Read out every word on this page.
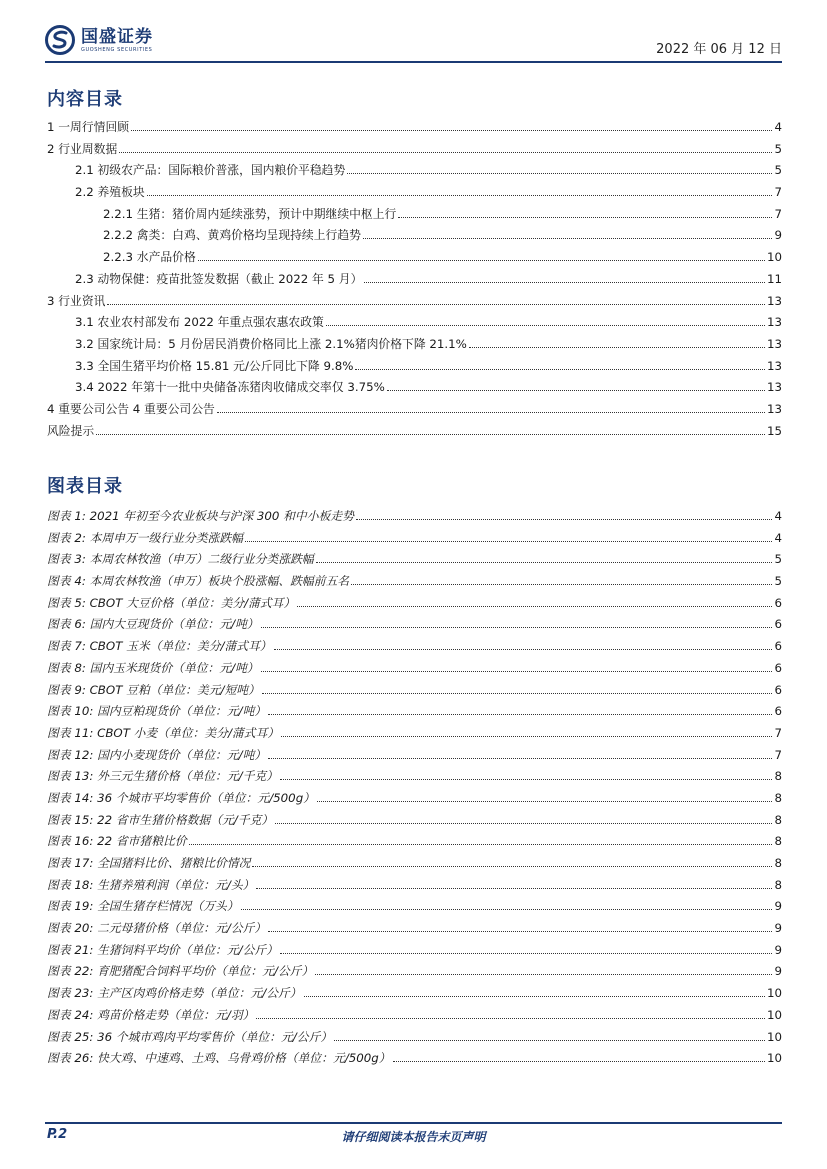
国盛证券
GUOSHENG SECURITIES	2022 年 06 月 12 日
内容目录
1 一周行情回顾	4
2 行业周数据	5
2.1 初级农产品：国际粮价普涨，国内粮价平稳趋势	5
2.2 养殖板块	7
2.2.1 生猪：猪价周内延续涨势，预计中期继续中枢上行	7
2.2.2 禽类：白鸡、黄鸡价格均呈现持续上行趋势	9
2.2.3 水产品价格	10
2.3 动物保健：疫苗批签发数据（截止 2022 年 5 月）	11
3 行业资讯	13
3.1 农业农村部发布 2022 年重点强农惠农政策	13
3.2 国家统计局：5 月份居民消费价格同比上涨 2.1%猪肉价格下降 21.1%	13
3.3 全国生猪平均价格 15.81 元/公斤同比下降 9.8%	13
3.4 2022 年第十一批中央储备冻猪肉收储成交率仅 3.75%	13
4 重要公司公告 4 重要公司公告	13
风险提示	15
图表目录
图表 1: 2021 年初至今农业板块与沪深 300 和中小板走势	4
图表 2: 本周申万一级行业分类涨跌幅	4
图表 3: 本周农林牧渔（申万）二级行业分类涨跌幅	5
图表 4: 本周农林牧渔（申万）板块个股涨幅、跌幅前五名	5
图表 5: CBOT 大豆价格（单位：美分/蒲式耳）	6
图表 6: 国内大豆现货价（单位：元/吨）	6
图表 7: CBOT 玉米（单位：美分/蒲式耳）	6
图表 8: 国内玉米现货价（单位：元/吨）	6
图表 9: CBOT 豆粕（单位：美元/短吨）	6
图表 10: 国内豆粕现货价（单位：元/吨）	6
图表 11: CBOT 小麦（单位：美分/蒲式耳）	7
图表 12: 国内小麦现货价（单位：元/吨）	7
图表 13: 外三元生猪价格（单位：元/千克）	8
图表 14: 36 个城市平均零售价（单位：元/500g）	8
图表 15: 22 省市生猪价格数据（元/千克）	8
图表 16: 22 省市猪粮比价	8
图表 17: 全国猪料比价、猪粮比价情况	8
图表 18: 生猪养殖利润（单位：元/头）	8
图表 19: 全国生猪存栏情况（万头）	9
图表 20: 二元母猪价格（单位：元/公斤）	9
图表 21: 生猪饲料平均价（单位：元/公斤）	9
图表 22: 育肥猪配合饲料平均价（单位：元/公斤）	9
图表 23: 主产区肉鸡价格走势（单位：元/公斤）	10
图表 24: 鸡苗价格走势（单位：元/羽）	10
图表 25: 36 个城市鸡肉平均零售价（单位：元/公斤）	10
图表 26: 快大鸡、中速鸡、土鸡、乌骨鸡价格（单位：元/500g）	10
P.2	请仔细阅读本报告末页声明
